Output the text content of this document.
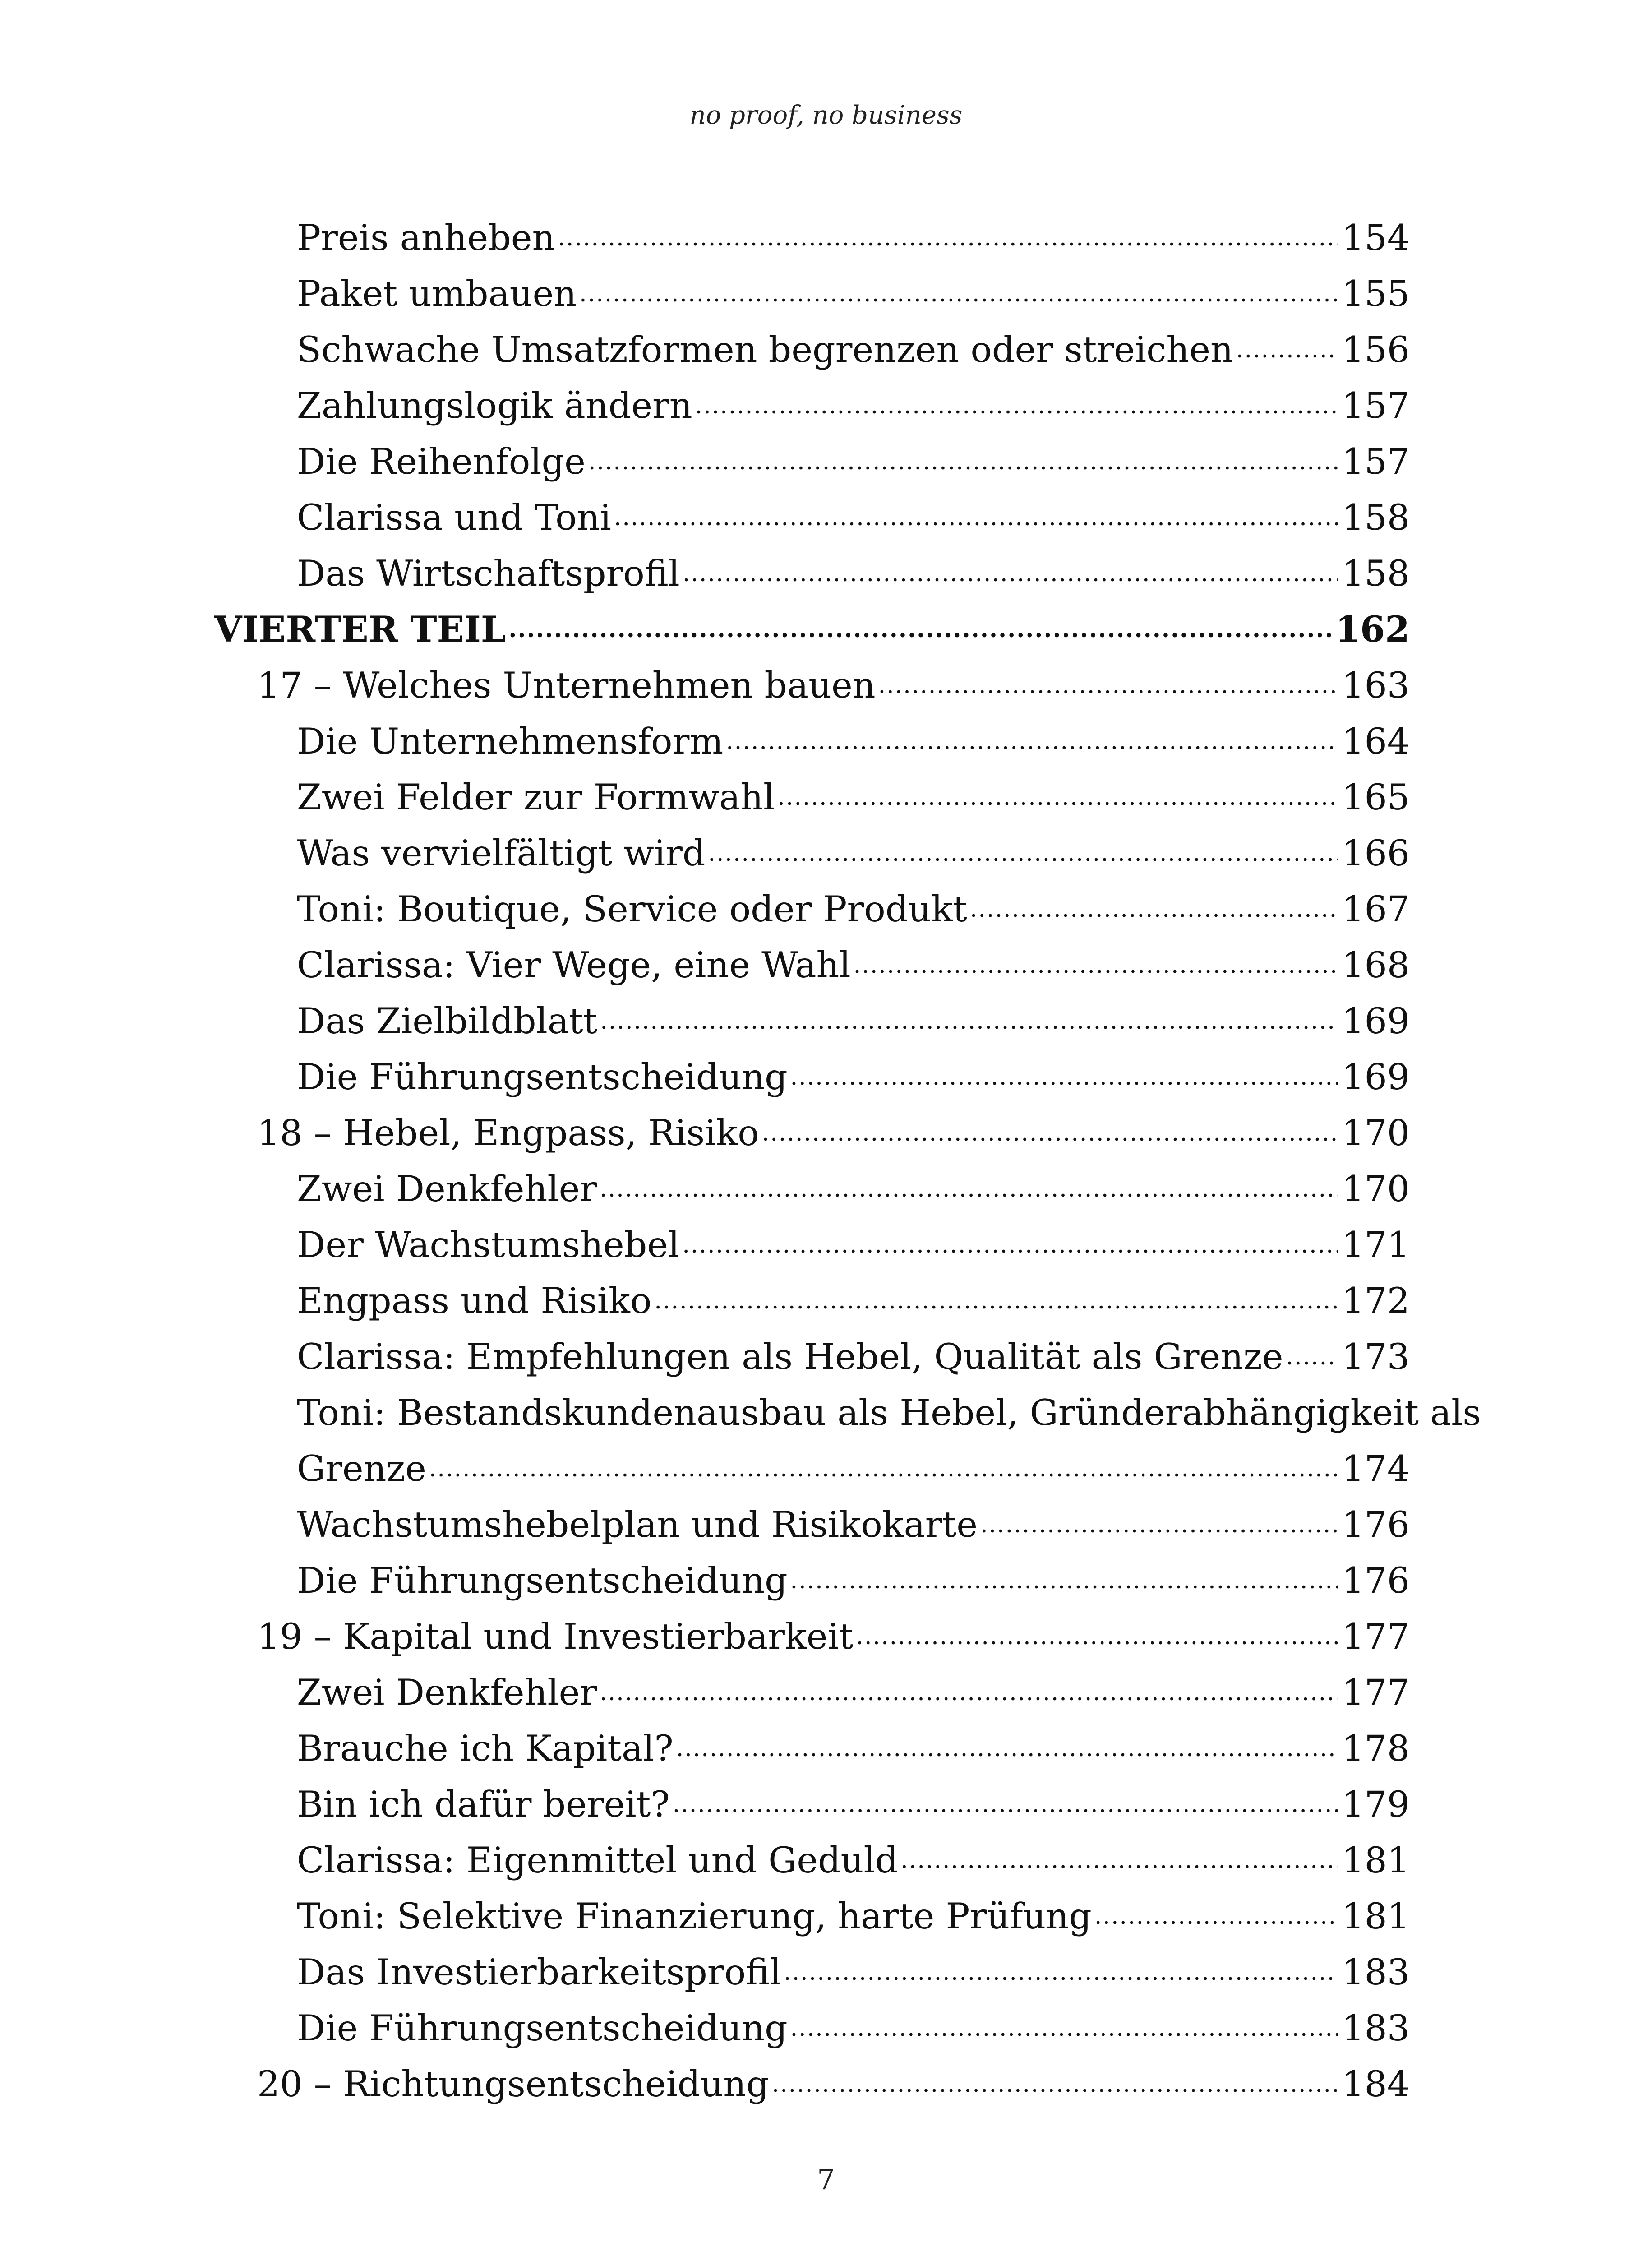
no proof, no business
Preis anheben .....	154
Paket umbauen .....	155
Schwache Umsatzformen begrenzen oder streichen .....	156
Zahlungslogik ändern .....	157
Die Reihenfolge .....	157
Clarissa und Toni .....	158
Das Wirtschaftsprofil .....	158
VIERTER TEIL .....	162
17 – Welches Unternehmen bauen .....	163
Die Unternehmensform .....	164
Zwei Felder zur Formwahl .....	165
Was vervielfältigt wird .....	166
Toni: Boutique, Service oder Produkt .....	167
Clarissa: Vier Wege, eine Wahl .....	168
Das Zielbildblatt .....	169
Die Führungsentscheidung .....	169
18 – Hebel, Engpass, Risiko .....	170
Zwei Denkfehler .....	170
Der Wachstumshebel .....	171
Engpass und Risiko .....	172
Clarissa: Empfehlungen als Hebel, Qualität als Grenze ..... 173
Toni: Bestandskundenausbau als Hebel, Gründerabhängigkeit als
Grenze .....	174
Wachstumshebelplan und Risikokarte .....	176
Die Führungsentscheidung .....	176
19 – Kapital und Investierbarkeit .....	177
Zwei Denkfehler .....	177
Brauche ich Kapital? .....	178
Bin ich dafür bereit? .....	179
Clarissa: Eigenmittel und Geduld .....	181
Toni: Selektive Finanzierung, harte Prüfung .....	181
Das Investierbarkeitsprofil .....	183
Die Führungsentscheidung .....	183
20 – Richtungsentscheidung .....	184
7
